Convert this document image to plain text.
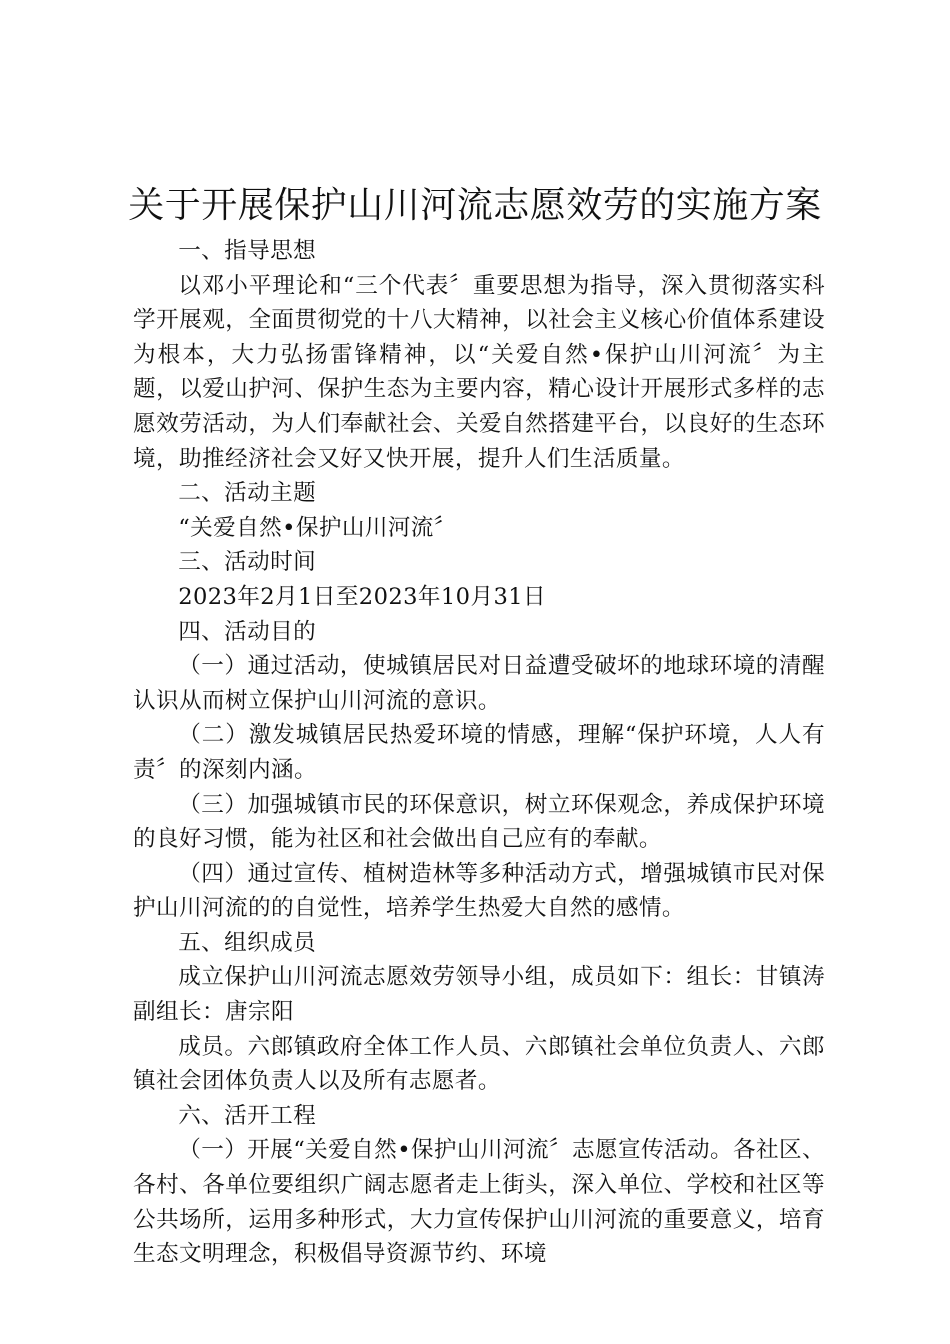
关于开展保护山川河流志愿效劳的实施方案

一、指导思想

以邓小平理论和“三个代表〞重要思想为指导，深入贯彻落实科学开展观，全面贯彻党的十八大精神，以社会主义核心价值体系建设为根本，大力弘扬雷锋精神，以“关爱自然•保护山川河流〞为主题，以爱山护河、保护生态为主要内容，精心设计开展形式多样的志愿效劳活动，为人们奉献社会、关爱自然搭建平台，以良好的生态环境，助推经济社会又好又快开展，提升人们生活质量。

二、活动主题

“关爱自然•保护山川河流〞

三、活动时间

2023年2月1日至2023年10月31日

四、活动目的

（一）通过活动，使城镇居民对日益遭受破坏的地球环境的清醒认识从而树立保护山川河流的意识。

（二）激发城镇居民热爱环境的情感，理解“保护环境，人人有责〞的深刻内涵。

（三）加强城镇市民的环保意识，树立环保观念，养成保护环境的良好习惯，能为社区和社会做出自己应有的奉献。

（四）通过宣传、植树造林等多种活动方式，增强城镇市民对保护山川河流的的自觉性，培养学生热爱大自然的感情。

五、组织成员

成立保护山川河流志愿效劳领导小组，成员如下：组长：甘镇涛副组长：唐宗阳

成员。六郎镇政府全体工作人员、六郎镇社会单位负责人、六郎镇社会团体负责人以及所有志愿者。

六、活开工程

（一）开展“关爱自然•保护山川河流〞志愿宣传活动。各社区、各村、各单位要组织广阔志愿者走上街头，深入单位、学校和社区等公共场所，运用多种形式，大力宣传保护山川河流的重要意义，培育生态文明理念，积极倡导资源节约、环境
